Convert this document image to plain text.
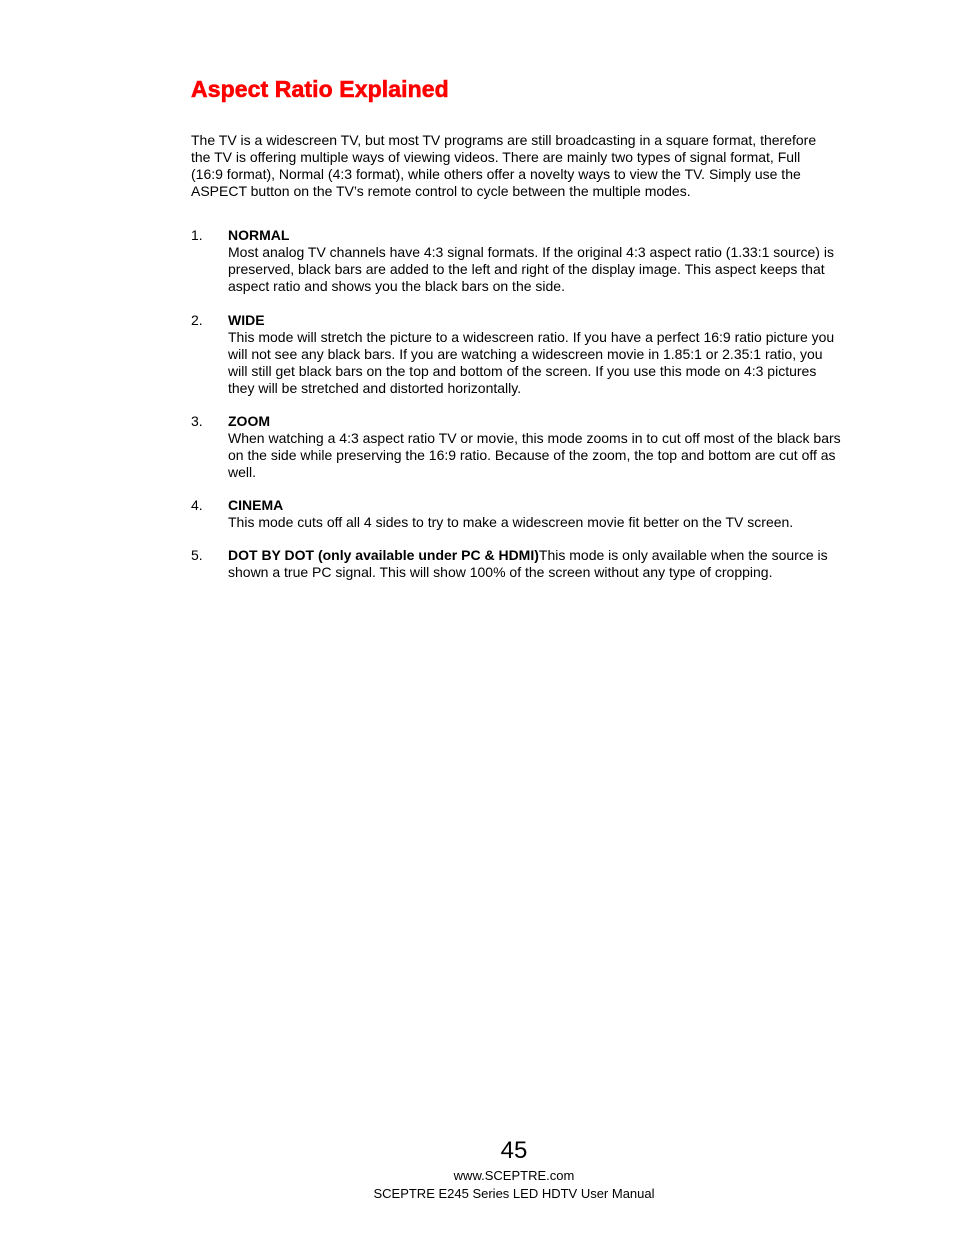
Aspect Ratio Explained

The TV is a widescreen TV, but most TV programs are still broadcasting in a square format, therefore the TV is offering multiple ways of viewing videos. There are mainly two types of signal format, Full (16:9 format), Normal (4:3 format), while others offer a novelty ways to view the TV. Simply use the ASPECT button on the TV’s remote control to cycle between the multiple modes.

1. NORMAL
Most analog TV channels have 4:3 signal formats. If the original 4:3 aspect ratio (1.33:1 source) is preserved, black bars are added to the left and right of the display image. This aspect keeps that aspect ratio and shows you the black bars on the side.
2. WIDE
This mode will stretch the picture to a widescreen ratio. If you have a perfect 16:9 ratio picture you will not see any black bars. If you are watching a widescreen movie in 1.85:1 or 2.35:1 ratio, you will still get black bars on the top and bottom of the screen. If you use this mode on 4:3 pictures they will be stretched and distorted horizontally.
3. ZOOM
When watching a 4:3 aspect ratio TV or movie, this mode zooms in to cut off most of the black bars on the side while preserving the 16:9 ratio. Because of the zoom, the top and bottom are cut off as well.
4. CINEMA
This mode cuts off all 4 sides to try to make a widescreen movie fit better on the TV screen.
5. DOT BY DOT (only available under PC & HDMI)This mode is only available when the source is shown a true PC signal. This will show 100% of the screen without any type of cropping.
45
www.SCEPTRE.com
SCEPTRE E245 Series LED HDTV User Manual
